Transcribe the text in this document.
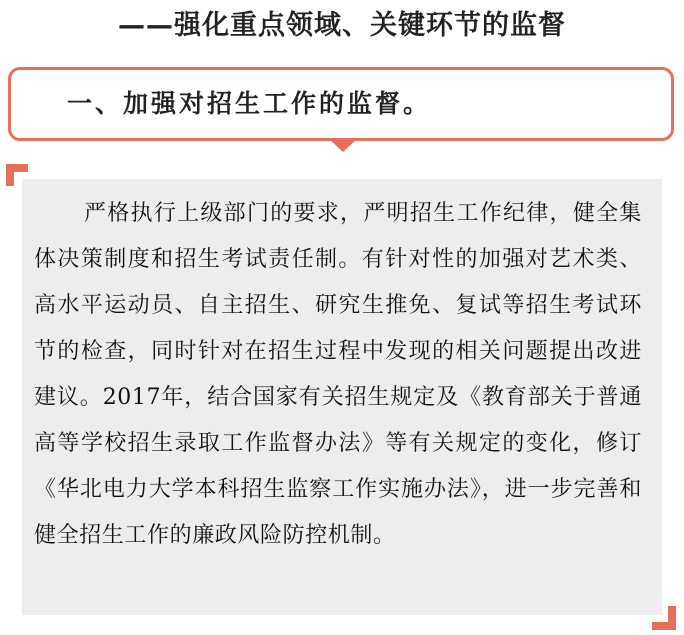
——强化重点领域、关键环节的监督
一、加强对招生工作的监督。

严格执行上级部门的要求，严明招生工作纪律，健全集体决策制度和招生考试责任制。有针对性的加强对艺术类、高水平运动员、自主招生、研究生推免、复试等招生考试环节的检查，同时针对在招生过程中发现的相关问题提出改进建议。2017年，结合国家有关招生规定及《教育部关于普通高等学校招生录取工作监督办法》等有关规定的变化，修订《华北电力大学本科招生监察工作实施办法》，进一步完善和健全招生工作的廉政风险防控机制。
